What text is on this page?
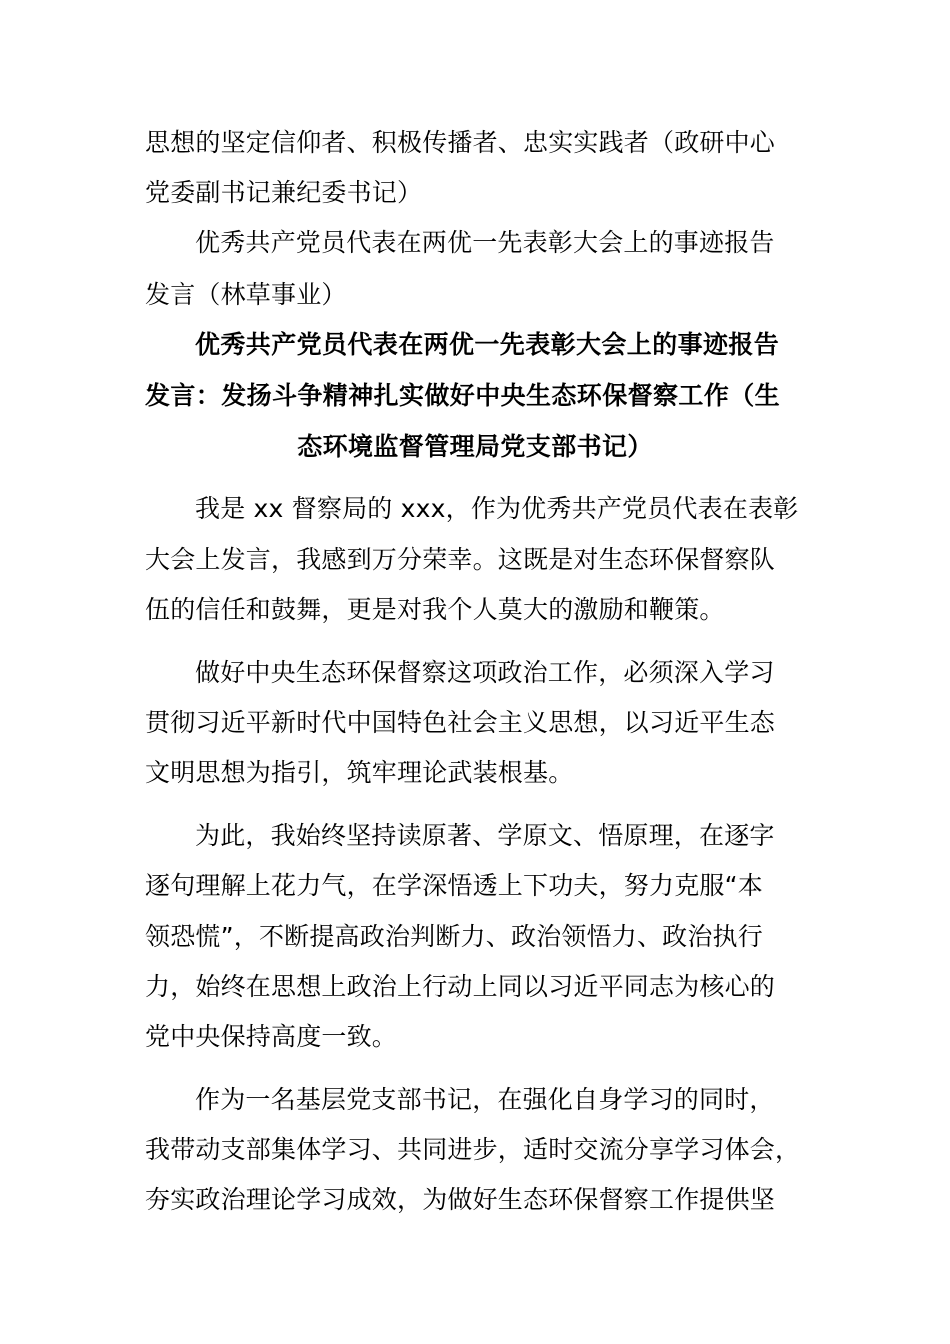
思想的坚定信仰者、积极传播者、忠实实践者（政研中心
党委副书记兼纪委书记）
优秀共产党员代表在两优一先表彰大会上的事迹报告
发言（林草事业）
优秀共产党员代表在两优一先表彰大会上的事迹报告
发言：发扬斗争精神扎实做好中央生态环保督察工作（生
态环境监督管理局党支部书记）
我是 xx 督察局的 xxx，作为优秀共产党员代表在表彰
大会上发言，我感到万分荣幸。这既是对生态环保督察队
伍的信任和鼓舞，更是对我个人莫大的激励和鞭策。
做好中央生态环保督察这项政治工作，必须深入学习
贯彻习近平新时代中国特色社会主义思想，以习近平生态
文明思想为指引，筑牢理论武装根基。
为此，我始终坚持读原著、学原文、悟原理，在逐字
逐句理解上花力气，在学深悟透上下功夫，努力克服“本
领恐慌”，不断提高政治判断力、政治领悟力、政治执行
力，始终在思想上政治上行动上同以习近平同志为核心的
党中央保持高度一致。
作为一名基层党支部书记，在强化自身学习的同时，
我带动支部集体学习、共同进步，适时交流分享学习体会，
夯实政治理论学习成效，为做好生态环保督察工作提供坚
